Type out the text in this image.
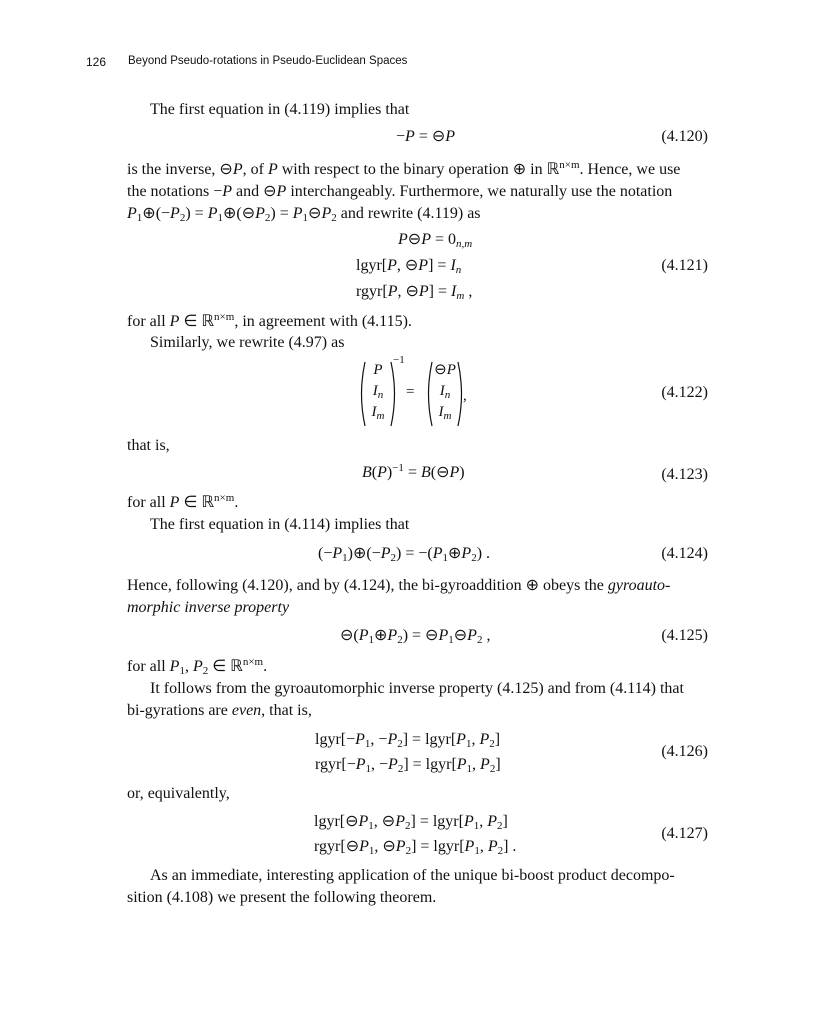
126 Beyond Pseudo-rotations in Pseudo-Euclidean Spaces
The first equation in (4.119) implies that
−P = ⊖P	(4.120)
is the inverse, ⊖P, of P with respect to the binary operation ⊕ in ℝ$^{n\times m}$. Hence, we use
the notations −P and ⊖P interchangeably. Furthermore, we naturally use the notation
$P_1\oplus(-P_2)$ = $P_1\oplus(⊖P_2)$ = $P_1⊖P_2$ and rewrite (4.119) as
P⊖P = $0_{n,m}$
lgyr[P, ⊖P] = $I_n$
rgyr[P, ⊖P] = $I_m$ ,
(4.121)
for all P ∈ ℝ$^{n\times m}$, in agreement with (4.115).
Similarly, we rewrite (4.97) as
P
$I_n$
$I_m$
−1
=
⊖P
$I_n$
$I_m$
,	(4.122)
that is,
$B(P)^{-1}$ = B(⊖P)	(4.123)
for all P ∈ ℝ$^{n\times m}$.
The first equation in (4.114) implies that
$(-P_1)\oplus(-P_2)$ = $-(P_1\oplus P_2)$ .	(4.124)
Hence, following (4.120), and by (4.124), the bi-gyroaddition ⊕ obeys the gyroauto-
morphic inverse property
$⊖(P_1\oplus P_2)$ = $⊖P_1⊖P_2$ ,	(4.125)
for all $P_1$, $P_2$ ∈ ℝ$^{n\times m}$.
It follows from the gyroautomorphic inverse property (4.125) and from (4.114) that
bi-gyrations are even, that is,
$lgyr[-P_1$, $-P_2$] = $lgyr[P_1$, $P_2$]
$rgyr[-P_1$, $-P_2$] = $lgyr[P_1$, $P_2$]
(4.126)
or, equivalently,
$lgyr[⊖P_1$, $⊖P_2$] = $lgyr[P_1$, $P_2$]
$rgyr[⊖P_1$, $⊖P_2$] = $lgyr[P_1$, $P_2$] .
(4.127)
As an immediate, interesting application of the unique bi-boost product decompo-
sition (4.108) we present the following theorem.
